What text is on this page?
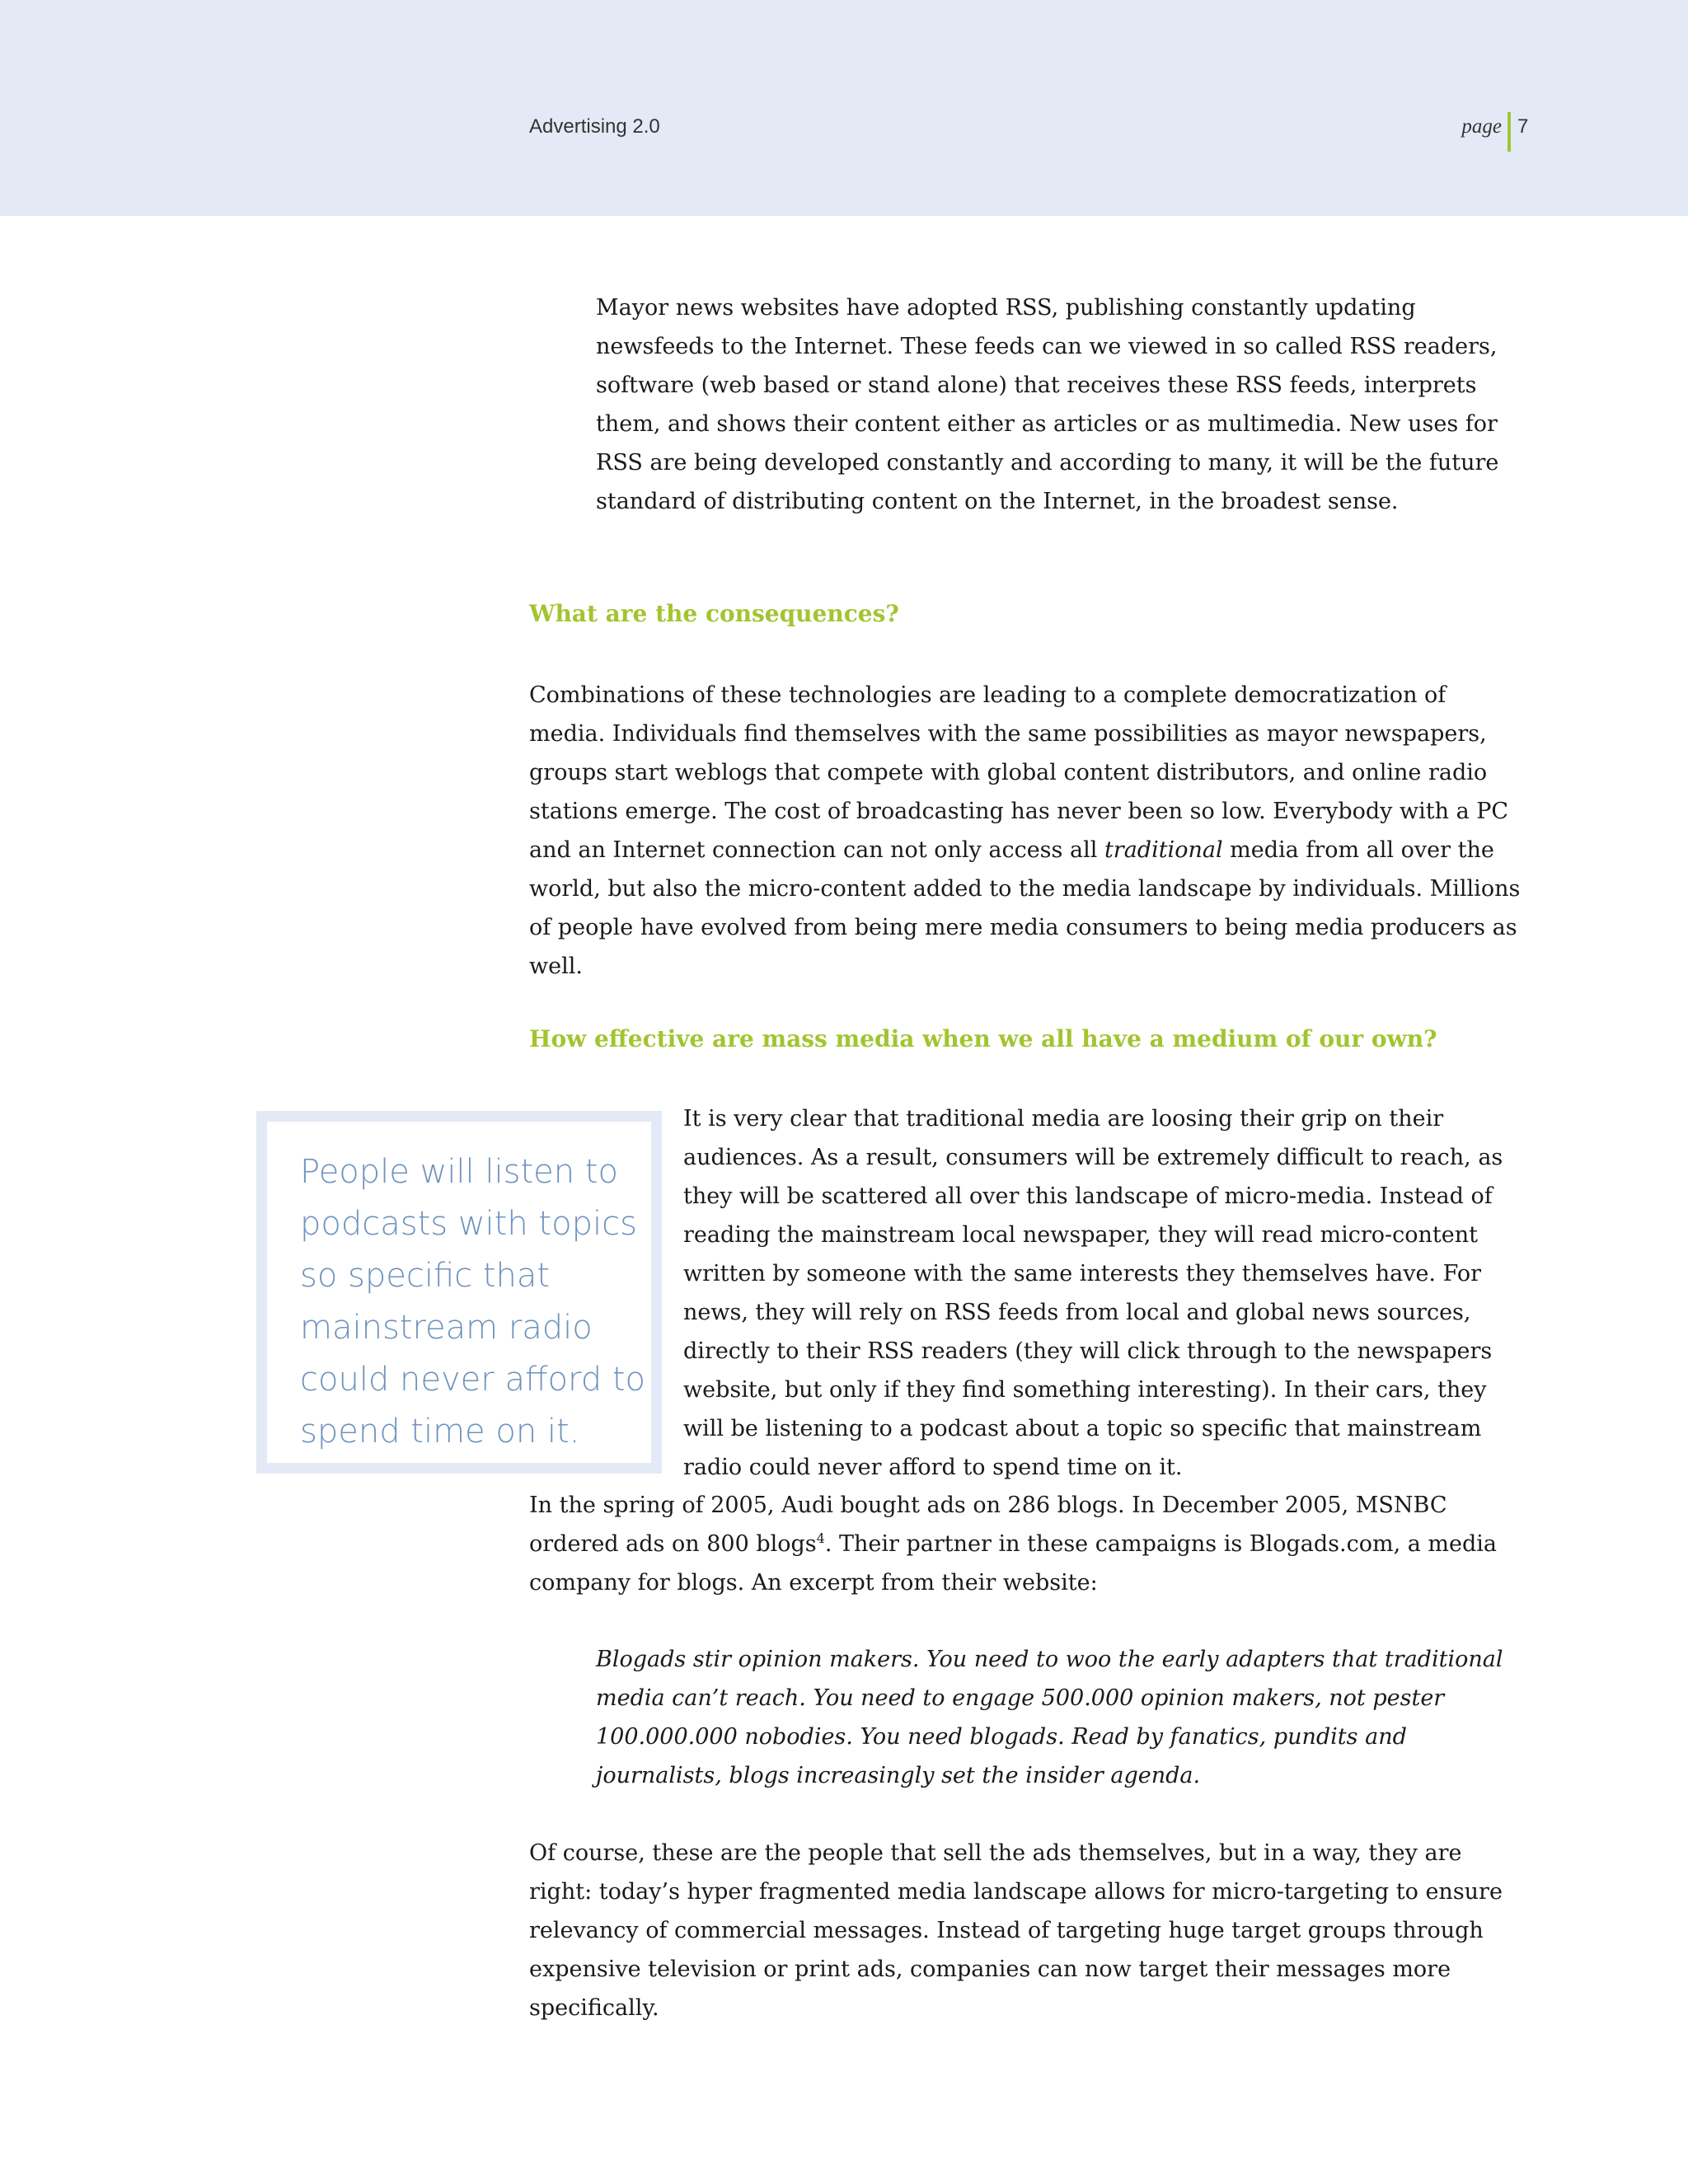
Advertising 2.0	page 7

Mayor news websites have adopted RSS, publishing constantly updating newsfeeds to the Internet. These feeds can we viewed in so called RSS readers, software (web based or stand alone) that receives these RSS feeds, interprets them, and shows their content either as articles or as multimedia. New uses for RSS are being developed constantly and according to many, it will be the future standard of distributing content on the Internet, in the broadest sense.

What are the consequences?

Combinations of these technologies are leading to a complete democratization of media. Individuals find themselves with the same possibilities as mayor newspapers, groups start weblogs that compete with global content distributors, and online radio stations emerge. The cost of broadcasting has never been so low. Everybody with a PC and an Internet connection can not only access all traditional media from all over the world, but also the micro-content added to the media landscape by individuals. Millions of people have evolved from being mere media consumers to being media producers as well.

How effective are mass media when we all have a medium of our own?

People will listen to podcasts with topics so specific that mainstream radio could never afford to spend time on it.

It is very clear that traditional media are loosing their grip on their audiences. As a result, consumers will be extremely difficult to reach, as they will be scattered all over this landscape of micro-media. Instead of reading the mainstream local newspaper, they will read micro-content written by someone with the same interests they themselves have. For news, they will rely on RSS feeds from local and global news sources, directly to their RSS readers (they will click through to the newspapers website, but only if they find something interesting). In their cars, they will be listening to a podcast about a topic so specific that mainstream radio could never afford to spend time on it.

In the spring of 2005, Audi bought ads on 286 blogs. In December 2005, MSNBC ordered ads on 800 blogs$^4$. Their partner in these campaigns is Blogads.com, a media company for blogs. An excerpt from their website:

Blogads stir opinion makers. You need to woo the early adapters that traditional media can’t reach. You need to engage 500.000 opinion makers, not pester 100.000.000 nobodies. You need blogads. Read by fanatics, pundits and journalists, blogs increasingly set the insider agenda.

Of course, these are the people that sell the ads themselves, but in a way, they are right: today’s hyper fragmented media landscape allows for micro-targeting to ensure relevancy of commercial messages. Instead of targeting huge target groups through expensive television or print ads, companies can now target their messages more specifically.
